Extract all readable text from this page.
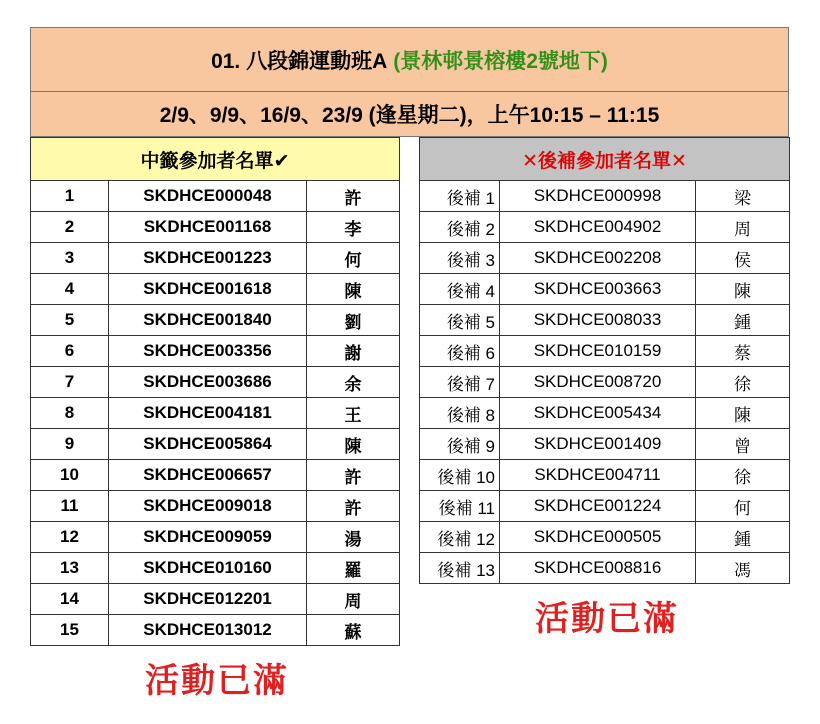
01. 八段錦運動班A (景林邨景榕樓2號地下)
2/9、9/9、16/9、23/9 (逢星期二)，上午10:15 – 11:15
中籤參加者名單✔		
1	SKDHCE000048	許
2	SKDHCE001168	李
3	SKDHCE001223	何
4	SKDHCE001618	陳
5	SKDHCE001840	劉
6	SKDHCE003356	謝
7	SKDHCE003686	余
8	SKDHCE004181	王
9	SKDHCE005864	陳
10	SKDHCE006657	許
11	SKDHCE009018	許
12	SKDHCE009059	湯
13	SKDHCE010160	羅
14	SKDHCE012201	周
15	SKDHCE013012	蘇
✕後補參加者名單✕		
後補 1	SKDHCE000998	梁
後補 2	SKDHCE004902	周
後補 3	SKDHCE002208	侯
後補 4	SKDHCE003663	陳
後補 5	SKDHCE008033	鍾
後補 6	SKDHCE010159	蔡
後補 7	SKDHCE008720	徐
後補 8	SKDHCE005434	陳
後補 9	SKDHCE001409	曾
後補 10	SKDHCE004711	徐
後補 11	SKDHCE001224	何
後補 12	SKDHCE000505	鍾
後補 13	SKDHCE008816	馮
活動已滿
活動已滿
